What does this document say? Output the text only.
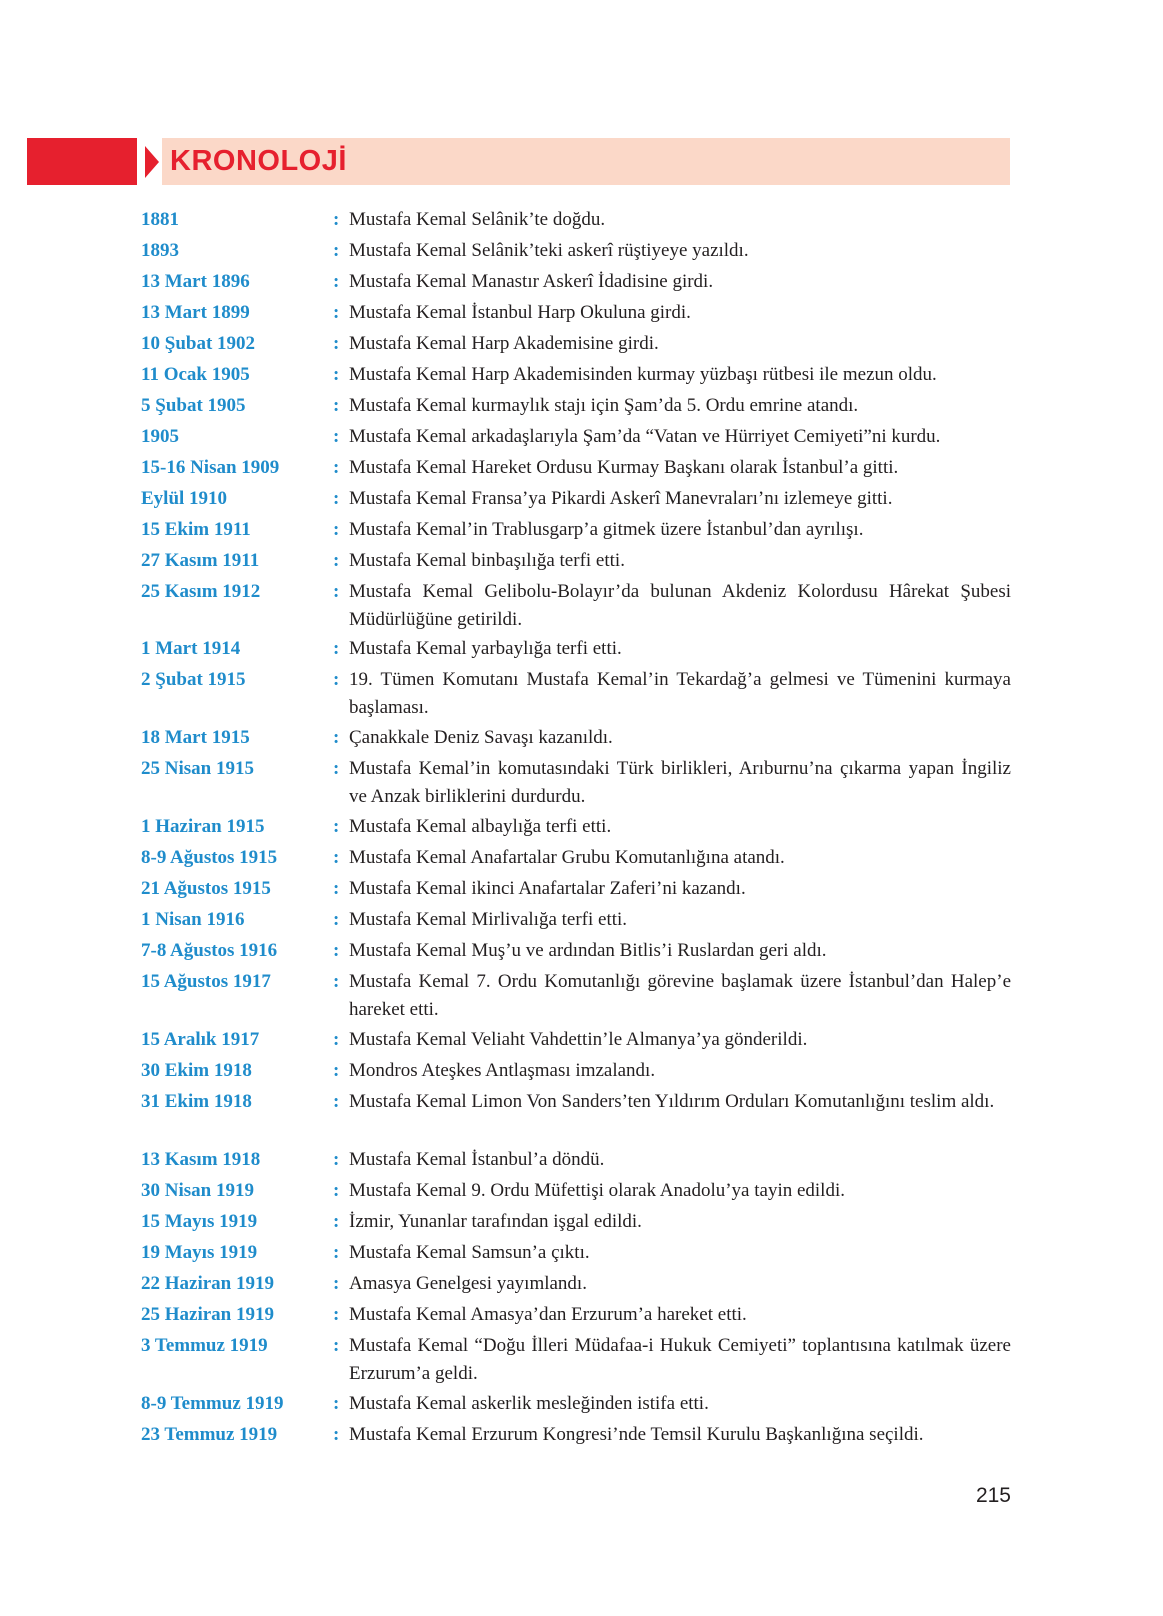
KRONOLOJİ
1881	: Mustafa Kemal Selânik’te doğdu.
1893	: Mustafa Kemal Selânik’teki askerî rüştiyeye yazıldı.
13 Mart 1896	: Mustafa Kemal Manastır Askerî İdadisine girdi.
13 Mart 1899	: Mustafa Kemal İstanbul Harp Okuluna girdi.
10 Şubat 1902	: Mustafa Kemal Harp Akademisine girdi.
11 Ocak 1905	: Mustafa Kemal Harp Akademisinden kurmay yüzbaşı rütbesi ile mezun oldu.
5 Şubat 1905	: Mustafa Kemal kurmaylık stajı için Şam’da 5. Ordu emrine atandı.
1905	: Mustafa Kemal arkadaşlarıyla Şam’da “Vatan ve Hürriyet Cemiyeti”ni kurdu.
15-16 Nisan 1909	: Mustafa Kemal Hareket Ordusu Kurmay Başkanı olarak İstanbul’a gitti.
Eylül 1910	: Mustafa Kemal Fransa’ya Pikardi Askerî Manevraları’nı izlemeye gitti.
15 Ekim 1911	: Mustafa Kemal’in Trablusgarp’a gitmek üzere İstanbul’dan ayrılışı.
27 Kasım 1911	: Mustafa Kemal binbaşılığa terfi etti.
25 Kasım 1912	: Mustafa Kemal Gelibolu-Bolayır’da bulunan Akdeniz Kolordusu Hârekat Şubesi Müdürlüğüne getirildi.
1 Mart 1914	: Mustafa Kemal yarbaylığa terfi etti.
2 Şubat 1915	: 19. Tümen Komutanı Mustafa Kemal’in Tekardağ’a gelmesi ve Tümenini kurmaya başlaması.
18 Mart 1915	: Çanakkale Deniz Savaşı kazanıldı.
25 Nisan 1915	: Mustafa Kemal’in komutasındaki Türk birlikleri, Arıburnu’na çıkarma yapan İngiliz ve Anzak birliklerini durdurdu.
1 Haziran 1915	: Mustafa Kemal albaylığa terfi etti.
8-9 Ağustos 1915	: Mustafa Kemal Anafartalar Grubu Komutanlığına atandı.
21 Ağustos 1915	: Mustafa Kemal ikinci Anafartalar Zaferi’ni kazandı.
1 Nisan 1916	: Mustafa Kemal Mirlivalığa terfi etti.
7-8 Ağustos 1916	: Mustafa Kemal Muş’u ve ardından Bitlis’i Ruslardan geri aldı.
15 Ağustos 1917	: Mustafa Kemal 7. Ordu Komutanlığı görevine başlamak üzere İstanbul’dan Halep’e hareket etti.
15 Aralık 1917	: Mustafa Kemal Veliaht Vahdettin’le Almanya’ya gönderildi.
30 Ekim 1918	: Mondros Ateşkes Antlaşması imzalandı.
31 Ekim 1918	: Mustafa Kemal Limon Von Sanders’ten Yıldırım Orduları Komutanlığını teslim aldı.
13 Kasım 1918	: Mustafa Kemal İstanbul’a döndü.
30 Nisan 1919	: Mustafa Kemal 9. Ordu Müfettişi olarak Anadolu’ya tayin edildi.
15 Mayıs 1919	: İzmir, Yunanlar tarafından işgal edildi.
19 Mayıs 1919	: Mustafa Kemal Samsun’a çıktı.
22 Haziran 1919	: Amasya Genelgesi yayımlandı.
25 Haziran 1919	: Mustafa Kemal Amasya’dan Erzurum’a hareket etti.
3 Temmuz 1919	: Mustafa Kemal “Doğu İlleri Müdafaa-i Hukuk Cemiyeti” toplantısına katılmak üzere Erzurum’a geldi.
8-9 Temmuz 1919	: Mustafa Kemal askerlik mesleğinden istifa etti.
23 Temmuz 1919	: Mustafa Kemal Erzurum Kongresi’nde Temsil Kurulu Başkanlığına seçildi.
215
